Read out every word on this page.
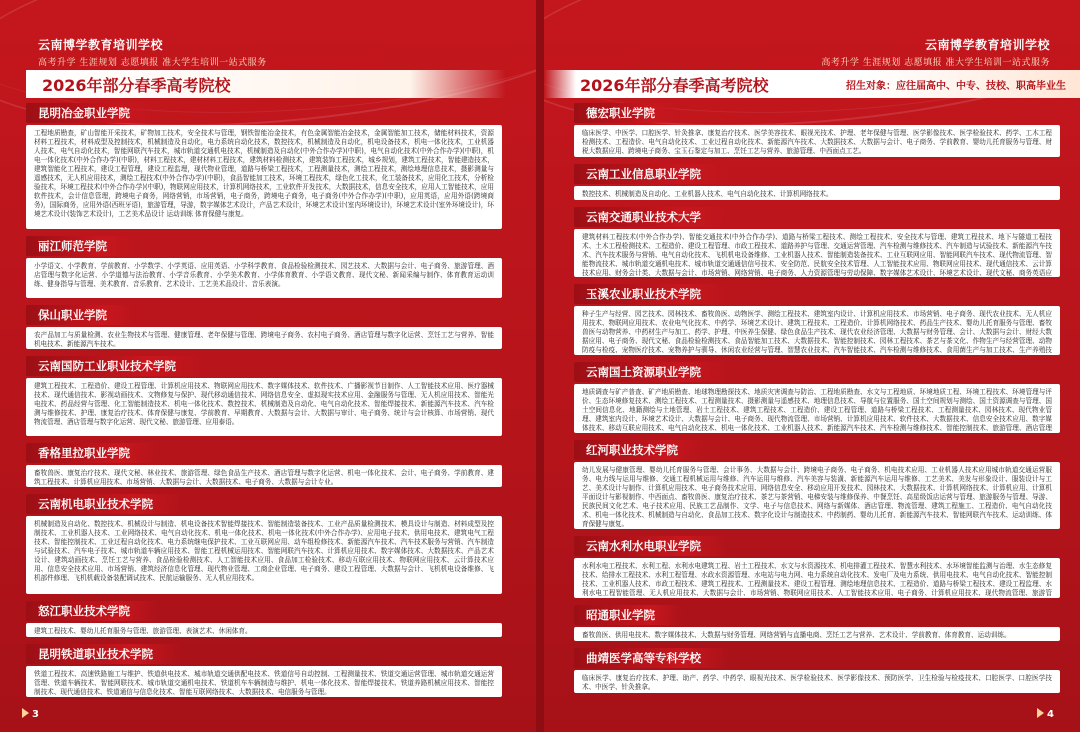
云南博学教育培训学校
高考升学 生涯规划 志愿填报 准大学生培训一站式服务
2026年部分春季高考院校
昆明冶金职业学院
工程地质勘查，矿山智能开采技术，矿物加工技术，安全技术与管理，钢铁智能冶金技术，有色金属智能冶金技术，金属智能加工技术，储能材料技术，资源材料工程技术，材料成型及控制技术，机械制造及自动化，电力系统自动化技术，数控技术，机械制造及自动化，机电设备技术，机电一体化技术，工业机器人技术，电气自动化技术，智能网联汽车技术，城市轨道交通机电技术，机械制造及自动化(中外合作办学)(中职)，电气自动化技术(中外合作办学)(中职)，机电一体化技术(中外合作办学)(中职)，材料工程技术，建材材料工程技术，建筑材料检测技术，建筑装饰工程技术，城乡规划，建筑工程技术，智能建造技术，建筑智能化工程技术，建设工程管理，建设工程监理，现代物业管理，道路与桥梁工程技术，工程测量技术，测绘工程技术，测绘地理信息技术，摄影测量与遥感技术，无人机应用技术，测绘工程技术(中外合作办学)(中职)，食品智能加工技术，环境工程技术，绿色化工技术，化工装备技术，应用化工技术，分析检验技术，环境工程技术(中外合作办学)(中职)，物联网应用技术，计算机网络技术，工业软件开发技术，大数据技术，信息安全技术，应用人工智能技术，应用软件技术，会计信息管理，跨境电子商务，网络营销，市场营销，电子商务，跨境电子商务，电子商务(中外合作办学)(中职)，应用英语，应用外语(跨境商务)，国际商务，应用外语(西班牙语)，旅游管理，导游，数字媒体艺术设计，产品艺术设计，环境艺术设计(室内环境设计)，环境艺术设计(室外环境设计)，环境艺术设计(装饰艺术设计)，工艺美术品设计 运动训练 体育保健与康复。
丽江师范学院
小学语文、小学教育、学前教育、小学数学、小学英语、应用英语、小学科学教育、食品检验检测技术、园艺技术、大数据与会计、电子商务、旅游管理、酒店管理与数字化运营、小学道德与法治教育、小学音乐教育、小学美术教育、小学体育教育、小学语文教育、现代文秘、新闻采编与制作、体育教育运动训练、健身指导与管理、美术教育、音乐教育、艺术设计、工艺美术品设计、音乐表演。
保山职业学院
农产品加工与质量检测、农业生物技术与管理、健康管理、老年保健与管理、跨境电子商务、农村电子商务、酒店管理与数字化运营、烹饪工艺与营养、智能机电技术、新能源汽车技术。
云南国防工业职业技术学院
建筑工程技术、工程造价、建设工程管理、计算机应用技术、物联网应用技术、数字媒体技术、软件技术、广播影视节目制作、人工智能技术应用、医疗器械技术、现代通信技术、影视动画技术、文物修复与保护、现代移动通信技术、网络信息安全、虚拟现实技术应用、金融服务与管理、无人机应用技术、智能光电技术、药品经营与管理、化工智能制造技术、机电一体化技术、数控技术、机械制造及自动化、电气自动化技术、智能焊接技术、新能源汽车技术、汽车检测与维修技术、护理、康复治疗技术、体育保健与康复、学前教育、早期教育、大数据与会计、大数据与审计、电子商务、统计与会计核算、市场营销、现代物流管理、酒店管理与数字化运营、现代文秘、旅游管理、应用泰语。
香格里拉职业学院
畜牧兽医、康复治疗技术、现代文秘、林业技术、旅游管理、绿色食品生产技术、酒店管理与数字化运营、机电一体化技术、会计、电子商务、学前教育、建筑工程技术、计算机应用技术、市场营销、大数据与会计、大数据技术、电子商务、大数据与会计专业。
云南机电职业技术学院
机械制造及自动化、数控技术、机械设计与制造、机电设备技术智能焊接技术、智能制造装备技术、工业产品质量检测技术、模具设计与制造、材料成型及控制技术、工业机器人技术、工业网络技术、电气自动化技术、机电一体化技术、机电一体化技术(中外合作办学)、应用电子技术、供用电技术、建筑电气工程技术、智能控制技术、工业过程自动化技术、电力系统继电保护技术、工业互联网应用、动车组检修技术、新能源汽车技术、汽车技术服务与营销、汽车制造与试验技术、汽车电子技术、城市轨道车辆应用技术、智能工程机械运用技术、智能网联汽车技术、计算机应用技术、数字媒体技术、大数据技术、产品艺术设计、建筑动画技术、烹饪工艺与营养、食品检验检测技术、人工智能技术应用、食品加工检验技术、移动互联应用技术、物联网应用技术、云计算技术应用、信息安全技术应用、市场营销、建筑经济信息化管理、现代物业管理、工商企业管理、电子商务、建设工程管理、大数据与会计、飞机机电设备维修、飞机部件修理、飞机机载设备装配调试技术、民航运输服务、无人机应用技术。
怒江职业技术学院
建筑工程技术、婴幼儿托育服务与管理、旅游管理、表演艺术、休闲体育。
昆明铁道职业技术学院
铁道工程技术、高速铁路施工与维护、铁道供电技术、城市轨道交通供配电技术、铁道信号自动控制、工程测量技术、铁道交通运营管理、城市轨道交通运营管理、铁道车辆技术、智能网联技术、城市轨道交通机电技术、铁道机车车辆制造与维护、机电一体化技术、智能焊接技术、铁道养路机械应用技术、智能控制技术、现代通信技术、铁道通信与信息化技术、智能互联网络技术、大数据技术、电信服务与管理。
3
云南博学教育培训学校
高考升学 生涯规划 志愿填报 准大学生培训一站式服务
2026年部分春季高考院校	招生对象：应往届高中、中专、技校、职高毕业生
德宏职业学院
临床医学、中医学、口腔医学、针灸推拿、康复治疗技术、医学美容技术、眼视光技术、护理、老年保健与管理、医学影像技术、医学检验技术、药学、工木工程检测技术、工程造价、电气自动化技术、工业过程自动化技术、新能源汽车技术、大数据技术、大数据与会计、电子商务、学前教育、婴幼儿托育服务与管理、财税大数据应用、跨境电子商务、宝玉石鉴定与加工、烹饪工艺与营养、旅游管理、中西面点工艺。
云南工业信息职业学院
数控技术、机械制造及自动化、工业机器人技术、电气自动化技术、计算机网络技术。
云南交通职业技术大学
建筑材料工程技术(中外合作办学)、智能交通技术(中外合作办学)、道路与桥梁工程技术、测绘工程技术、安全技术与管理、建筑工程技术、地下与隧道工程技术、土木工程检测技术、工程造价、建设工程管理、市政工程技术、道路养护与管理、交通运营管理、汽车检测与维修技术、汽车制造与试验技术、新能源汽车技术、汽车技术服务与营销、电气自动化技术、飞机机电设备维修、工业机器人技术、智能制造装备技术、工业互联网应用、智能网联汽车技术、现代物流管理、智能物流技术、城市轨道交通机电技术、城市轨道交通通信信号技术、安全防范、民航安全技术管理、人工智能技术应用、物联网应用技术、现代通信技术、云计算技术应用、财务会计类、大数据与会计、市场营销、网络营销、电子商务、人力资源管理与劳动保障、数字媒体艺术设计、环境艺术设计、现代文秘、商务英语应
玉溪农业职业技术学院
种子生产与经营、园艺技术、园林技术、畜牧兽医、动物医学、测绘工程技术、建筑室内设计、计算机应用技术、市场营销、电子商务、现代农业技术、无人机应用技术、物联网应用技术、农业电气化技术、中药学、环境艺术设计、建筑工程技术、工程造价、计算机网络技术、药品生产技术、婴幼儿托育服务与管理、畜牧兽医与动物营养、中药材生产与加工、药学、护理、中医养生保健、绿色食品生产技术、现代农业经济管理、大数据与财务管理、会计、大数据与会计、财经大数据应用、电子商务、现代文秘、食品检验检测技术、食品智能加工技术、大数据技术、智能控制技术、园林工程技术、茶艺与茶文化、作物生产与经营管理、动物防疫与检疫、宠物医疗技术、宠物养护与驯导、休闲农业经营与管理、智慧农业技术、汽车智能技术、汽车检测与维修技术、食用菌生产与加工技术、生产养殖技
云南国土资源职业学院
地质调查与矿产普查、矿产地质勘查、地球物理勘探技术、地质灾害调查与防治、工程地质勘查、水文与工程地质、环境地质工程、环境工程技术、环境管理与评价、生态环境修复技术、测绘工程技术、工程测量技术、摄影测量与遥感技术、地理信息技术、导航与位置服务、国土空间规划与测绘、国土资源调查与管理、国土空间信息化、地籍测绘与土地管理、岩土工程技术、建筑工程技术、工程造价、建设工程管理、道路与桥梁工程技术、工程测量技术、园林技术、现代物业管理、建筑室内设计、环境艺术设计、大数据与会计、电子商务、现代物流管理、市场营销、计算机应用技术、软件技术、大数据技术、信息安全技术应用、数字媒体技术、移动互联应用技术、电气自动化技术、机电一体化技术、工业机器人技术、新能源汽车技术、汽车检测与维修技术、智能控制技术、旅游管理、酒店管理
红河职业技术学院
幼儿发展与健康管理、婴幼儿托育服务与管理、会计事务、大数据与会计、跨境电子商务、电子商务、机电技术应用、工业机器人技术应用城市轨道交通运营服务、电力线与运用与维修、交通工程机械运用与维修、汽车运用与维修、汽车美容与装潢、新能源汽车运用与维修、工艺美术、美发与形象设计、服装设计与工艺、美术设计与制作、计算机应用技术、电子商务技术应用、网络信息安全、移动应用开发技术、园林技术、大数据技术、计算机网络技术、计算机应用、计算机平面设计与影视制作、中西面点、畜牧兽医、康复治疗技术、茶艺与茶营销、电梯安装与维修保养、中餐烹饪、高星级饭店运营与管理、旅游服务与管理、导游、民族民间文化艺术、电子技术应用、民族工艺品制作、文学、电子与信息技术、网络与新媒体、酒店管理、物流管理、建筑工程施工、工程造价、电气自动化技术、机电一体化技术、机械制造与自动化、食品加工技术、数字化设计与制造技术、中药制药、婴幼儿托育、新能源汽车技术、智能网联汽车技术、运动训练、体育保健与康复。
云南水利水电职业学院
水利水电工程技术、水利工程、水利水电建筑工程、岩土工程技术、水文与水资源技术、机电排灌工程技术、智慧水利技术、水环境智能监测与治理、水生态修复技术、给排水工程技术、水利工程管理、水政水资源管理、水电站与电力网、电力系统自动化技术、发电厂及电力系统、供用电技术、电气自动化技术、智能控制技术、工业机器人技术、市政工程技术、建筑工程技术、工程测量技术、建设工程管理、测绘地理信息技术、工程造价、道路与桥梁工程技术、建设工程监理、水利水电工程智能管理、无人机应用技术、大数据与会计、市场营销、物联网应用技术、人工智能技术应用、电子商务、计算机应用技术、现代物流管理、旅游管
昭通职业学院
畜牧兽医、供用电技术、数字媒体技术、大数据与财务管理、网络营销与直播电商、烹饪工艺与营养、艺术设计、学前教育、体育教育、运动训练。
曲靖医学高等专科学校
临床医学、康复治疗技术、护理、助产、药学、中药学、眼视光技术、医学检验技术、医学影像技术、预防医学、卫生检验与检疫技术、口腔医学、口腔医学技术、中医学、针灸推拿。
4
